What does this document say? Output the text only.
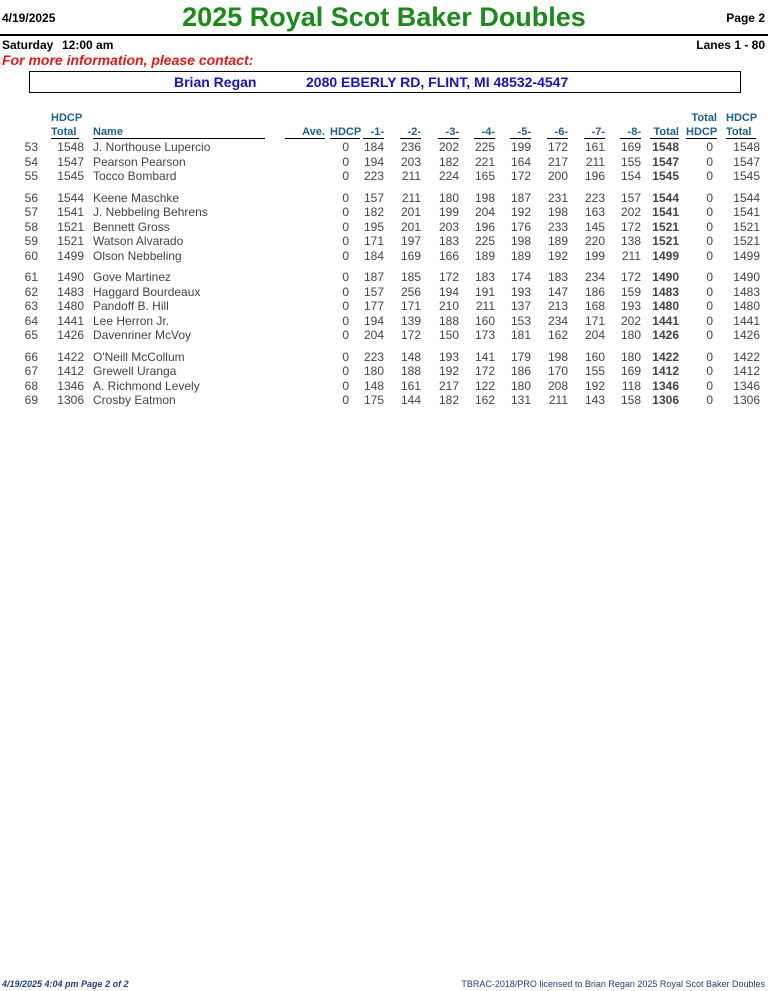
4/19/2025	2025 Royal Scot Baker Doubles	Page 2
Saturday 12:00 am	Lanes 1 - 80
For more information, please contact:
Brian Regan	2080 EBERLY RD, FLINT, MI 48532-4547
HDCP
Total Name	Ave. HDCP -1-	-2-	-3-	-4-	-5-	-6-	-7-	-8-	Total
Total
HDCP
HDCP
Total
53	1548 J. Northouse Lupercio	0	184	236	202	225	199	172	161	169 1548	0	1548
54	1547 Pearson Pearson	0	194	203	182	221	164	217	211	155 1547	0	1547
55	1545 Tocco Bombard	0	223	211	224	165	172	200	196	154 1545	0	1545
56	1544 Keene Maschke	0	157	211	180	198	187	231	223	157 1544	0	1544
57	1541 J. Nebbeling Behrens	0	182	201	199	204	192	198	163	202 1541	0	1541
58	1521 Bennett Gross	0	195	201	203	196	176	233	145	172 1521	0	1521
59	1521 Watson Alvarado	0	171	197	183	225	198	189	220	138 1521	0	1521
60	1499 Olson Nebbeling	0	184	169	166	189	189	192	199	211 1499	0	1499
61	1490 Gove Martinez	0	187	185	172	183	174	183	234	172 1490	0	1490
62	1483 Haggard Bourdeaux	0	157	256	194	191	193	147	186	159 1483	0	1483
63	1480 Pandoff B. Hill	0	177	171	210	211	137	213	168	193 1480	0	1480
64	1441 Lee Herron Jr.	0	194	139	188	160	153	234	171	202 1441	0	1441
65	1426 Davenriner McVoy	0	204	172	150	173	181	162	204	180 1426	0	1426
66	1422 O'Neill McCollum	0	223	148	193	141	179	198	160	180 1422	0	1422
67	1412 Grewell Uranga	0	180	188	192	172	186	170	155	169 1412	0	1412
68	1346 A. Richmond Levely	0	148	161	217	122	180	208	192	118 1346	0	1346
69	1306 Crosby Eatmon	0	175	144	182	162	131	211	143	158 1306	0	1306
4/19/2025 4:04 pm Page 2 of 2	TBRAC-2018/PRO licensed to Brian Regan 2025 Royal Scot Baker Doubles
